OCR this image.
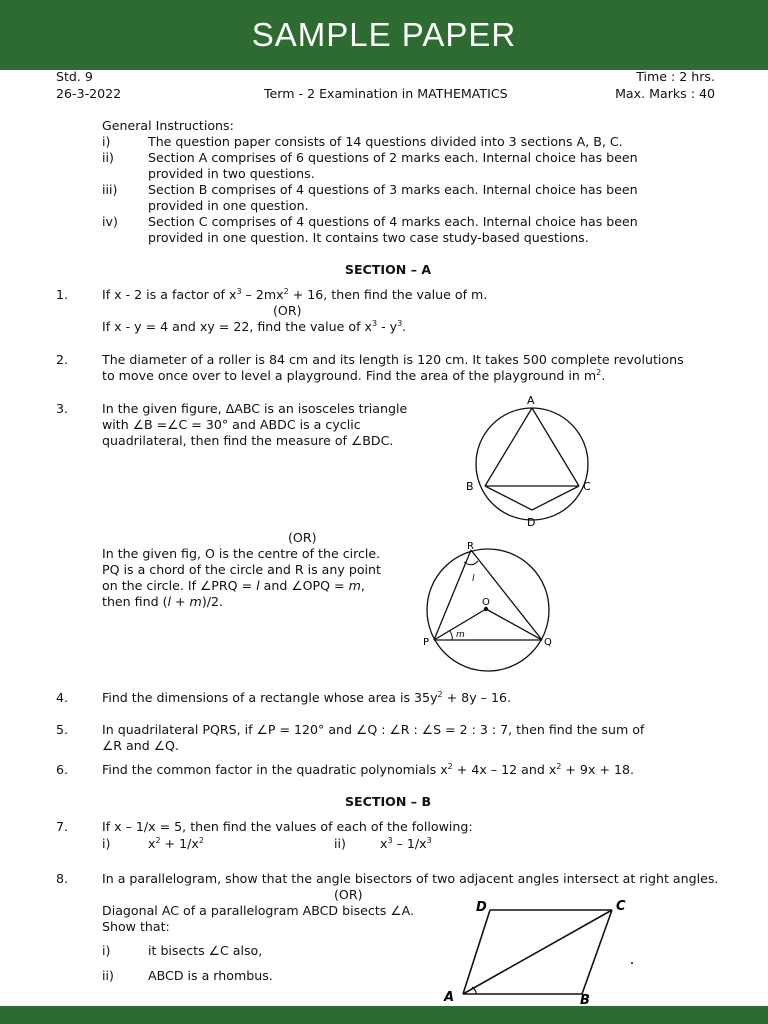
SAMPLE PAPER
Std. 9
26-3-2022	Term - 2 Examination in MATHEMATICS
Time : 2 hrs.
Max. Marks : 40
General Instructions:
i)	The question paper consists of 14 questions divided into 3 sections A, B, C.
ii)	Section A comprises of 6 questions of 2 marks each. Internal choice has been
provided in two questions.
iii) Section B comprises of 4 questions of 3 marks each. Internal choice has been
provided in one question.
iv) Section C comprises of 4 questions of 4 marks each. Internal choice has been
provided in one question. It contains two case study-based questions.
SECTION – A
1.	If x - 2 is a factor of $x^3 - 2mx^2 + 16$, then find the value of m.
(OR)
If x - y = 4 and xy = 22, find the value of $x^3 - y^3$.
2.	The diameter of a roller is 84 cm and its length is 120 cm. It takes 500 complete revolutions
to move once over to level a playground. Find the area of the playground in $m^2$.
3.	In the given figure, ΔABC is an isosceles triangle
with ∠B =∠C = 30° and ABDC is a cyclic
quadrilateral, then find the measure of ∠BDC.
A
B	C
D
(OR)
In the given fig, O is the centre of the circle.
PQ is a chord of the circle and R is any point
on the circle. If ∠PRQ = l and ∠OPQ = m,
then find (l + m)/2.
R
O
P	Q
l
m
4.	Find the dimensions of a rectangle whose area is $35y^2 + 8y - 16$.
5.	In quadrilateral PQRS, if ∠P = 120° and ∠Q : ∠R : ∠S = 2 : 3 : 7, then find the sum of
∠R and ∠Q.
6.	Find the common factor in the quadratic polynomials $x^2 + 4x - 12$ and $x^2 + 9x + 18$.
SECTION – B
7.	If x – 1/x = 5, then find the values of each of the following:
i)	$x^2 + 1/x^2$	ii)	$x^3 - 1/x^3$
8.	In a parallelogram, show that the angle bisectors of two adjacent angles intersect at right angles.
(OR)
Diagonal AC of a parallelogram ABCD bisects ∠A.
Show that:
i)	it bisects ∠C also,
ii)	ABCD is a rhombus.
D	C
A	B
